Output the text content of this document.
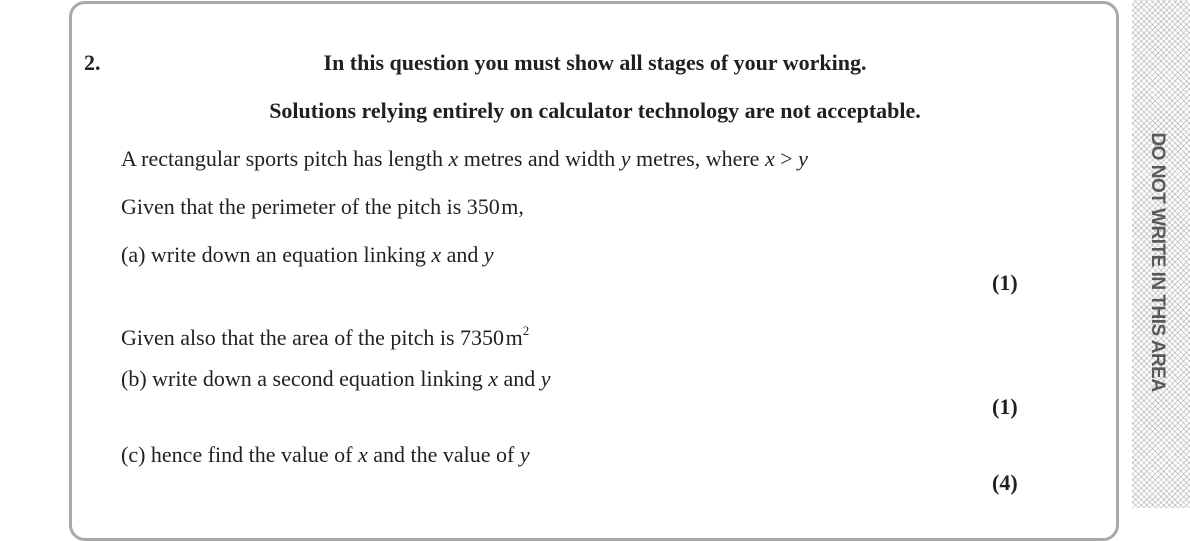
2.	In this question you must show all stages of your working.
Solutions relying entirely on calculator technology are not acceptable.
A rectangular sports pitch has length x metres and width y metres, where x > y
Given that the perimeter of the pitch is 350 m,
(a) write down an equation linking x and y
(1)
Given also that the area of the pitch is 7350 $m^2$
(b) write down a second equation linking x and y
(1)
(c) hence find the value of x and the value of y
(4)
DO NOT WRITE IN THIS AREA
